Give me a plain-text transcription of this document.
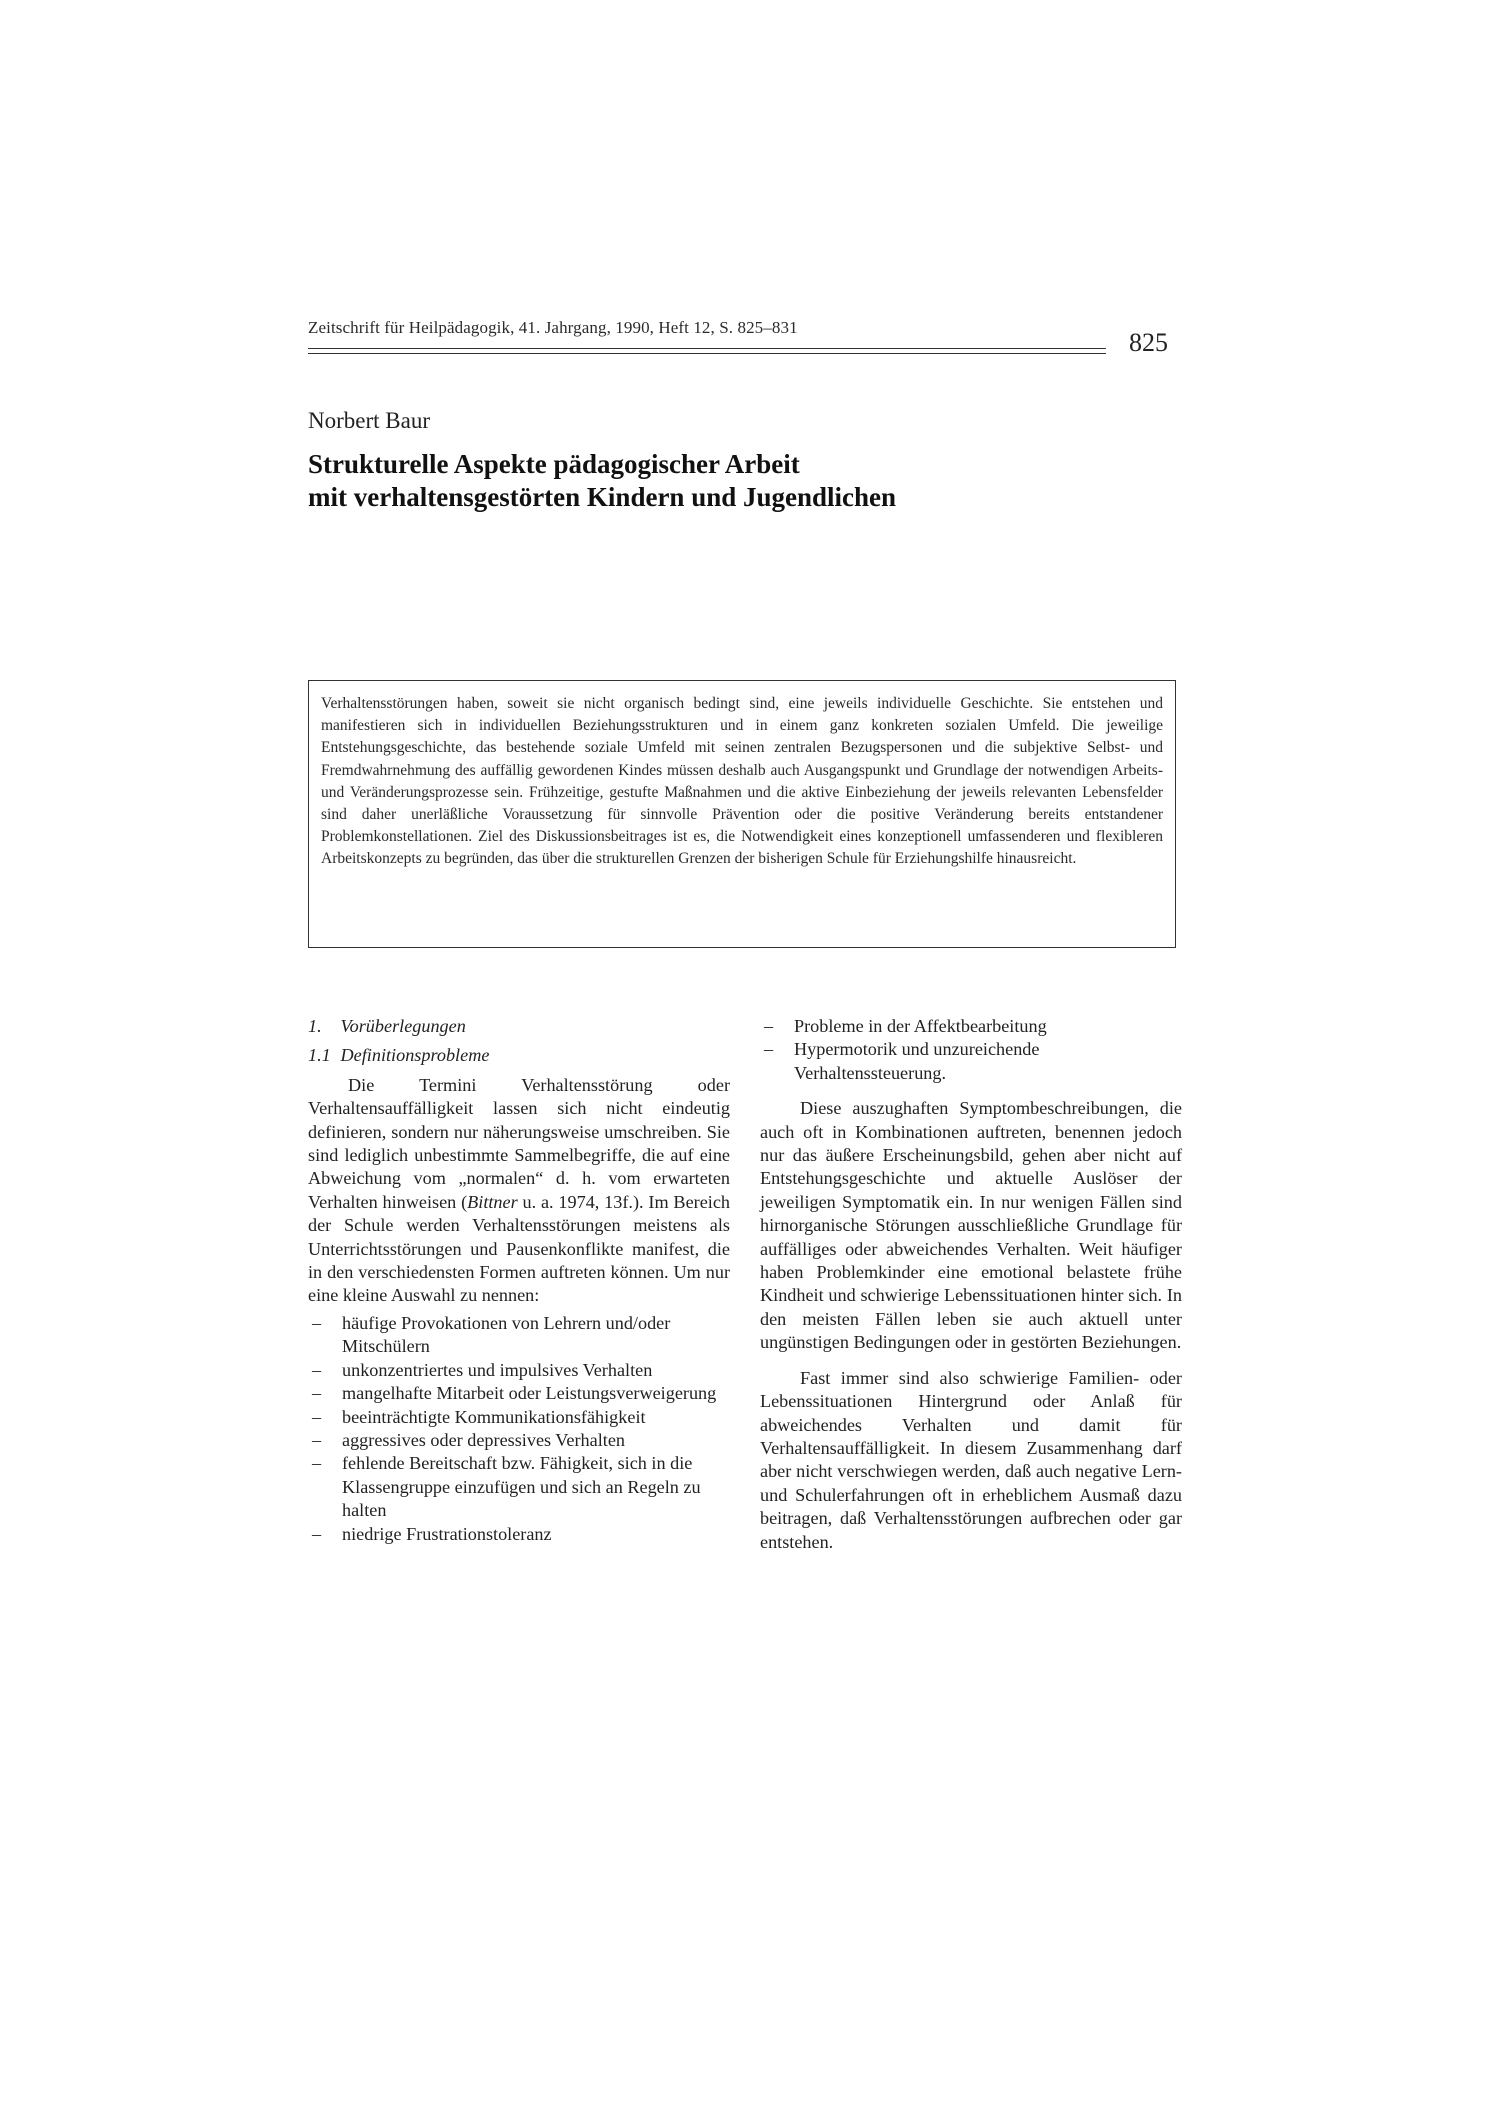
Zeitschrift für Heilpädagogik, 41. Jahrgang, 1990, Heft 12, S. 825–831
825
Norbert Baur
Strukturelle Aspekte pädagogischer Arbeit
mit verhaltensgestörten Kindern und Jugendlichen
Verhaltensstörungen haben, soweit sie nicht organisch bedingt sind, eine jeweils individuelle Geschichte. Sie entstehen und manifestieren sich in individuellen Beziehungsstrukturen und in einem ganz konkreten sozialen Umfeld. Die jeweilige Entstehungsgeschichte, das bestehende soziale Umfeld mit seinen zentralen Bezugspersonen und die subjektive Selbst- und Fremdwahrnehmung des auffällig gewordenen Kindes müssen deshalb auch Ausgangspunkt und Grundlage der notwendigen Arbeits- und Veränderungsprozesse sein. Frühzeitige, gestufte Maßnahmen und die aktive Einbeziehung der jeweils relevanten Lebensfelder sind daher unerläßliche Voraussetzung für sinnvolle Prävention oder die positive Veränderung bereits entstandener Problemkonstellationen. Ziel des Diskussionsbeitrages ist es, die Notwendigkeit eines konzeptionell umfassenderen und flexibleren Arbeitskonzepts zu begründen, das über die strukturellen Grenzen der bisherigen Schule für Erziehungshilfe hinausreicht.
1. Vorüberlegungen
1.1 Definitionsprobleme

Die Termini Verhaltensstörung oder Verhaltensauffälligkeit lassen sich nicht eindeutig definieren, sondern nur näherungsweise umschreiben. Sie sind lediglich unbestimmte Sammelbegriffe, die auf eine Abweichung vom „normalen“ d. h. vom erwarteten Verhalten hinweisen (Bittner u. a. 1974, 13f.). Im Bereich der Schule werden Verhaltensstörungen meistens als Unterrichtsstörungen und Pausenkonflikte manifest, die in den verschiedensten Formen auftreten können. Um nur eine kleine Auswahl zu nennen:

– häufige Provokationen von Lehrern und/oder Mitschülern
– unkonzentriertes und impulsives Verhalten
– mangelhafte Mitarbeit oder Leistungsverweigerung
– beeinträchtigte Kommunikationsfähigkeit
– aggressives oder depressives Verhalten
– fehlende Bereitschaft bzw. Fähigkeit, sich in die Klassengruppe einzufügen und sich an Regeln zu halten
– niedrige Frustrationstoleranz
– Probleme in der Affektbearbeitung
– Hypermotorik und unzureichende Verhaltenssteuerung.

Diese auszughaften Symptombeschreibungen, die auch oft in Kombinationen auftreten, benennen jedoch nur das äußere Erscheinungsbild, gehen aber nicht auf Entstehungsgeschichte und aktuelle Auslöser der jeweiligen Symptomatik ein. In nur wenigen Fällen sind hirnorganische Störungen ausschließliche Grundlage für auffälliges oder abweichendes Verhalten. Weit häufiger haben Problemkinder eine emotional belastete frühe Kindheit und schwierige Lebenssituationen hinter sich. In den meisten Fällen leben sie auch aktuell unter ungünstigen Bedingungen oder in gestörten Beziehungen.

Fast immer sind also schwierige Familien- oder Lebenssituationen Hintergrund oder Anlaß für abweichendes Verhalten und damit für Verhaltensauffälligkeit. In diesem Zusammenhang darf aber nicht verschwiegen werden, daß auch negative Lern- und Schulerfahrungen oft in erheblichem Ausmaß dazu beitragen, daß Verhaltensstörungen aufbrechen oder gar entstehen.
